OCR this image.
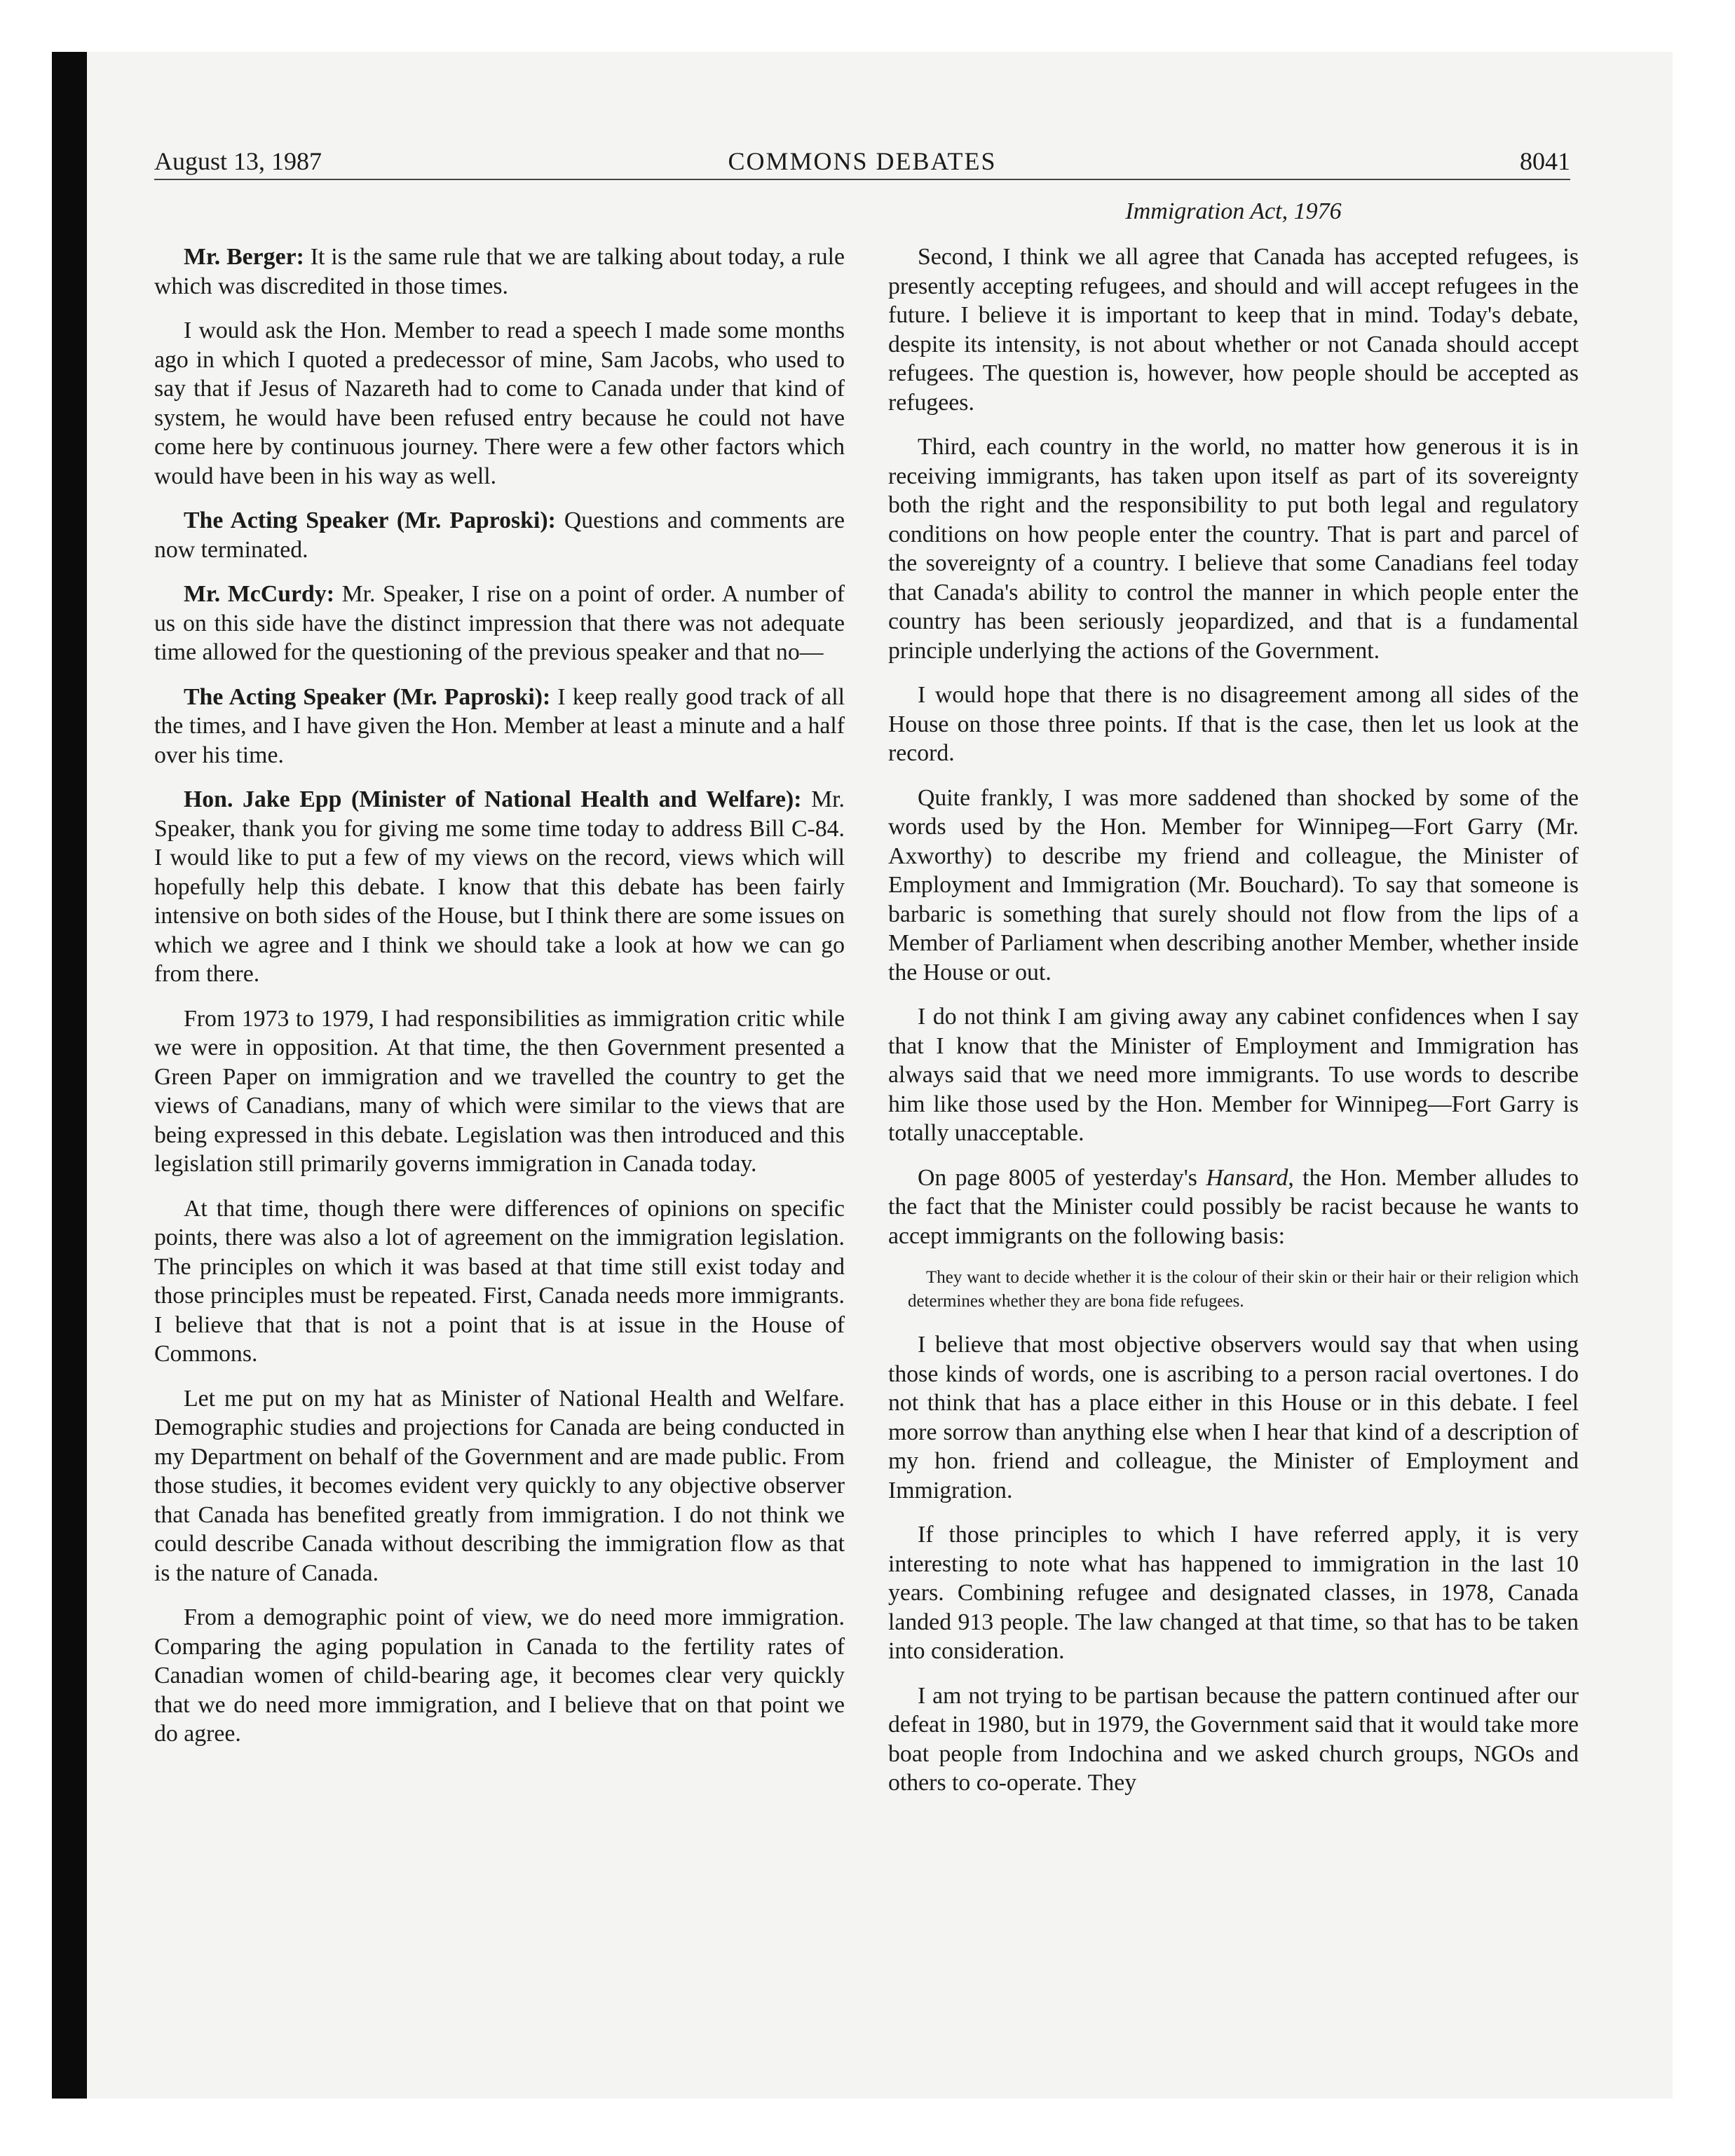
August 13, 1987	COMMONS DEBATES	8041

Mr. Berger: It is the same rule that we are talking about today, a rule which was discredited in those times.

I would ask the Hon. Member to read a speech I made some months ago in which I quoted a predecessor of mine, Sam Jacobs, who used to say that if Jesus of Nazareth had to come to Canada under that kind of system, he would have been refused entry because he could not have come here by continuous journey. There were a few other factors which would have been in his way as well.

The Acting Speaker (Mr. Paproski): Questions and comments are now terminated.

Mr. McCurdy: Mr. Speaker, I rise on a point of order. A number of us on this side have the distinct impression that there was not adequate time allowed for the questioning of the previous speaker and that no—

The Acting Speaker (Mr. Paproski): I keep really good track of all the times, and I have given the Hon. Member at least a minute and a half over his time.

Hon. Jake Epp (Minister of National Health and Welfare): Mr. Speaker, thank you for giving me some time today to address Bill C-84. I would like to put a few of my views on the record, views which will hopefully help this debate. I know that this debate has been fairly intensive on both sides of the House, but I think there are some issues on which we agree and I think we should take a look at how we can go from there.

From 1973 to 1979, I had responsibilities as immigration critic while we were in opposition. At that time, the then Government presented a Green Paper on immigration and we travelled the country to get the views of Canadians, many of which were similar to the views that are being expressed in this debate. Legislation was then introduced and this legislation still primarily governs immigration in Canada today.

At that time, though there were differences of opinions on specific points, there was also a lot of agreement on the immigration legislation. The principles on which it was based at that time still exist today and those principles must be repeated. First, Canada needs more immigrants. I believe that that is not a point that is at issue in the House of Commons.

Let me put on my hat as Minister of National Health and Welfare. Demographic studies and projections for Canada are being conducted in my Department on behalf of the Government and are made public. From those studies, it becomes evident very quickly to any objective observer that Canada has benefited greatly from immigration. I do not think we could describe Canada without describing the immigration flow as that is the nature of Canada.

From a demographic point of view, we do need more immigration. Comparing the aging population in Canada to the fertility rates of Canadian women of child-bearing age, it becomes clear very quickly that we do need more immigration, and I believe that on that point we do agree.

Immigration Act, 1976

Second, I think we all agree that Canada has accepted refugees, is presently accepting refugees, and should and will accept refugees in the future. I believe it is important to keep that in mind. Today's debate, despite its intensity, is not about whether or not Canada should accept refugees. The question is, however, how people should be accepted as refugees.

Third, each country in the world, no matter how generous it is in receiving immigrants, has taken upon itself as part of its sovereignty both the right and the responsibility to put both legal and regulatory conditions on how people enter the country. That is part and parcel of the sovereignty of a country. I believe that some Canadians feel today that Canada's ability to control the manner in which people enter the country has been seriously jeopardized, and that is a fundamental principle underlying the actions of the Government.

I would hope that there is no disagreement among all sides of the House on those three points. If that is the case, then let us look at the record.

Quite frankly, I was more saddened than shocked by some of the words used by the Hon. Member for Winnipeg—Fort Garry (Mr. Axworthy) to describe my friend and colleague, the Minister of Employment and Immigration (Mr. Bouchard). To say that someone is barbaric is something that surely should not flow from the lips of a Member of Parliament when describing another Member, whether inside the House or out.

I do not think I am giving away any cabinet confidences when I say that I know that the Minister of Employment and Immigration has always said that we need more immigrants. To use words to describe him like those used by the Hon. Member for Winnipeg—Fort Garry is totally unacceptable.

On page 8005 of yesterday's Hansard, the Hon. Member alludes to the fact that the Minister could possibly be racist because he wants to accept immigrants on the following basis:

They want to decide whether it is the colour of their skin or their hair or their religion which determines whether they are bona fide refugees.

I believe that most objective observers would say that when using those kinds of words, one is ascribing to a person racial overtones. I do not think that has a place either in this House or in this debate. I feel more sorrow than anything else when I hear that kind of a description of my hon. friend and colleague, the Minister of Employment and Immigration.

If those principles to which I have referred apply, it is very interesting to note what has happened to immigration in the last 10 years. Combining refugee and designated classes, in 1978, Canada landed 913 people. The law changed at that time, so that has to be taken into consideration.

I am not trying to be partisan because the pattern continued after our defeat in 1980, but in 1979, the Government said that it would take more boat people from Indochina and we asked church groups, NGOs and others to co-operate. They
